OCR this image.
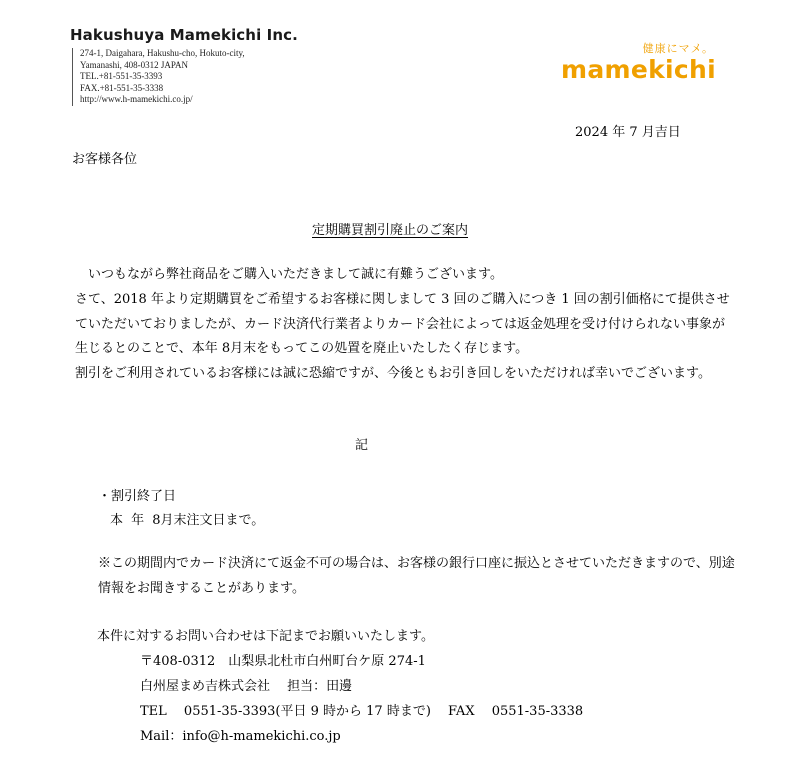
Hakushuya Mamekichi Inc.
274-1, Daigahara, Hakushu-cho, Hokuto-city,
Yamanashi, 408-0312 JAPAN
TEL.+81-551-35-3393
FAX.+81-551-35-3338
http://www.h-mamekichi.co.jp/
健康にマメ。
mamekichi
2024 年 7 月吉日
お客様各位
定期購買割引廃止のご案内

　いつもながら弊社商品をご購入いただきまして誠に有難うございます。

さて、2018 年より定期購買をご希望するお客様に関しまして 3 回のご購入につき 1 回の割引価格にて提供させていただいておりましたが、カード決済代行業者よりカード会社によっては返金処理を受け付けられない事象が生じるとのことで、本年 8月末をもってこの処置を廃止いたしたく存じます。

割引をご利用されているお客様には誠に恐縮ですが、今後ともお引き回しをいただければ幸いでございます。

記
・割引終了日
本 年 8月末注文日まで。

※この期間内でカード決済にて返金不可の場合は、お客様の銀行口座に振込とさせていただきますので、別途情報をお聞きすることがあります。

本件に対するお問い合わせは下記までお願いいたします。
〒408-0312　山梨県北杜市白州町台ケ原 274-1
白州屋まめ吉株式会社　 担当：田邊
TEL　 0551-35-3393(平日 9 時から 17 時まで)　 FAX　 0551-35-3338
Mail：info@h-mamekichi.co.jp
